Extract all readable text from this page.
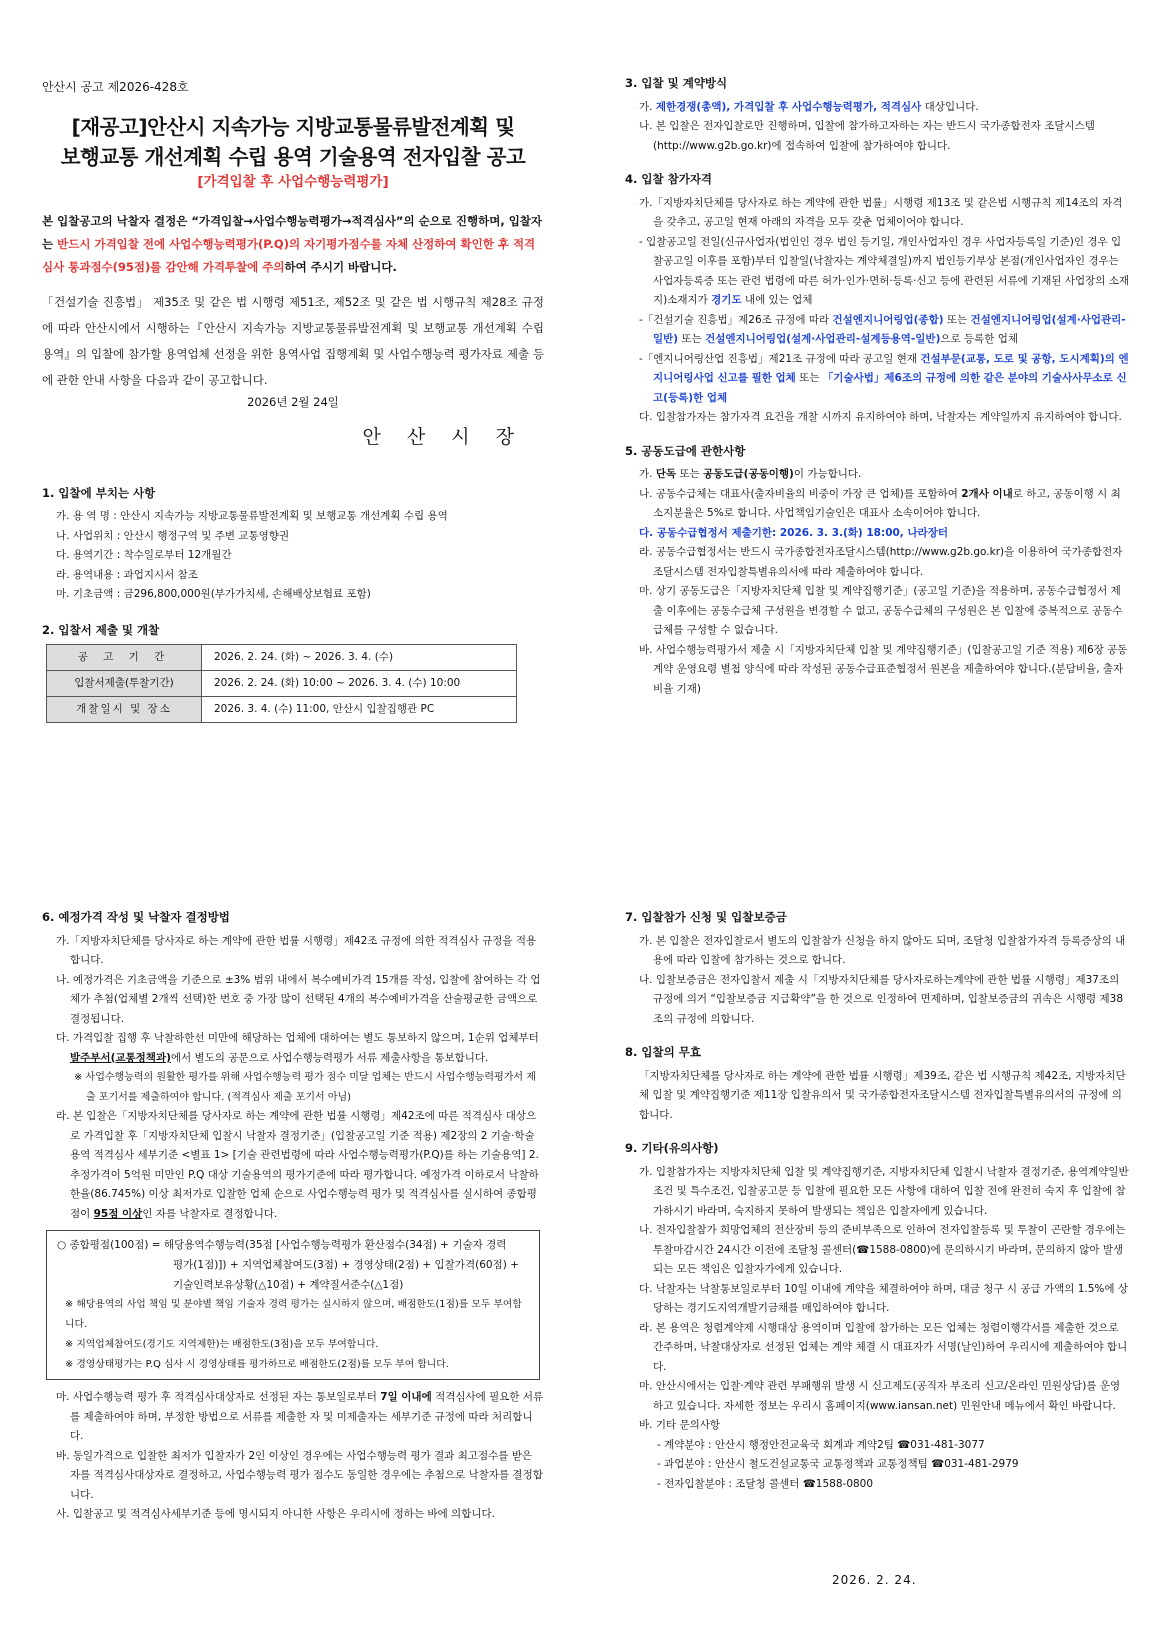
안산시 공고 제2026-428호
[재공고]안산시 지속가능 지방교통물류발전계획 및
보행교통 개선계획 수립 용역 기술용역 전자입찰 공고
[가격입찰 후 사업수행능력평가]
본 입찰공고의 낙찰자 결정은 “가격입찰→사업수행능력평가→적격심사”의 순으로 진행하며, 입찰자는 반드시 가격입찰 전에 사업수행능력평가(P.Q)의 자기평가점수를 자체 산정하여 확인한 후 적격심사 통과점수(95점)를 감안해 가격투찰에 주의하여 주시기 바랍니다.
「건설기술 진흥법」 제35조 및 같은 법 시행령 제51조, 제52조 및 같은 법 시행규칙 제28조 규정에 따라 안산시에서 시행하는『안산시 지속가능 지방교통물류발전계획 및 보행교통 개선계획 수립 용역』의 입찰에 참가할 용역업체 선정을 위한 용역사업 집행계획 및 사업수행능력 평가자료 제출 등에 관한 안내 사항을 다음과 같이 공고합니다.
2026년 2월 24일
안 산 시 장
1. 입찰에 부치는 사항
가. 용 역 명 : 안산시 지속가능 지방교통물류발전계획 및 보행교통 개선계획 수립 용역
나. 사업위치 : 안산시 행정구역 및 주변 교통영향권
다. 용역기간 : 착수일로부터 12개월간
라. 용역내용 : 과업지시서 참조
마. 기초금액 : 금296,800,000원(부가가치세, 손해배상보험료 포함)
2. 입찰서 제출 및 개찰
공 고 기 간	2026. 2. 24. (화) ~ 2026. 3. 4. (수)
입찰서제출(투찰기간)	2026. 2. 24. (화) 10:00 ~ 2026. 3. 4. (수) 10:00
개찰일시 및 장소	2026. 3. 4. (수) 11:00, 안산시 입찰집행관 PC
3. 입찰 및 계약방식
가. 제한경쟁(총액), 가격입찰 후 사업수행능력평가, 적격심사 대상입니다.
나. 본 입찰은 전자입찰로만 진행하며, 입찰에 참가하고자하는 자는 반드시 국가종합전자 조달시스템(http://www.g2b.go.kr)에 접속하여 입찰에 참가하여야 합니다.
4. 입찰 참가자격
가.「지방자치단체를 당사자로 하는 계약에 관한 법률」시행령 제13조 및 같은법 시행규칙 제14조의 자격을 갖추고, 공고일 현재 아래의 자격을 모두 갖춘 업체이어야 합니다.
- 입찰공고일 전일(신규사업자(법인인 경우 법인 등기일, 개인사업자인 경우 사업자등록일 기준)인 경우 입찰공고일 이후를 포함)부터 입찰일(낙찰자는 계약체결일)까지 법인등기부상 본점(개인사업자인 경우는 사업자등록증 또는 관련 법령에 따른 허가·인가·면허·등록·신고 등에 관련된 서류에 기재된 사업장의 소재지)소재지가 경기도 내에 있는 업체
-「건설기술 진흥법」제26조 규정에 따라 건설엔지니어링업(종합) 또는 건설엔지니어링업(설계·사업관리-일반) 또는 건설엔지니어링업(설계·사업관리-설계등용역-일반)으로 등록한 업체
-「엔지니어링산업 진흥법」제21조 규정에 따라 공고일 현재 건설부문(교통, 도로 및 공항, 도시계획)의 엔지니어링사업 신고를 필한 업체 또는 「기술사법」제6조의 규정에 의한 같은 분야의 기술사사무소로 신고(등록)한 업체
다. 입찰참가자는 참가자격 요건을 개찰 시까지 유지하여야 하며, 낙찰자는 계약일까지 유지하여야 합니다.
5. 공동도급에 관한사항
가. 단독 또는 공동도급(공동이행)이 가능합니다.
나. 공동수급체는 대표사(출자비율의 비중이 가장 큰 업체)를 포함하여 2개사 이내로 하고, 공동이행 시 최소지분율은 5%로 합니다. 사업책임기술인은 대표사 소속이어야 합니다.
다. 공동수급협정서 제출기한: 2026. 3. 3.(화) 18:00, 나라장터
라. 공동수급협정서는 반드시 국가종합전자조달시스템(http://www.g2b.go.kr)을 이용하여 국가종합전자조달시스템 전자입찰특별유의서에 따라 제출하여야 합니다.
마. 상기 공동도급은「지방자치단체 입찰 및 계약집행기준」(공고일 기준)을 적용하며, 공동수급협정서 제출 이후에는 공동수급체 구성원을 변경할 수 없고, 공동수급체의 구성원은 본 입찰에 중복적으로 공동수급체를 구성할 수 없습니다.
바. 사업수행능력평가서 제출 시「지방자치단체 입찰 및 계약집행기준」(입찰공고일 기준 적용) 제6장 공동계약 운영요령 별첩 양식에 따라 작성된 공동수급표준협정서 원본을 제출하여야 합니다.(분담비율, 출자비율 기재)
6. 예정가격 작성 및 낙찰자 결정방법
가.「지방자치단체를 당사자로 하는 계약에 관한 법률 시행령」제42조 규정에 의한 적격심사 규정을 적용합니다.
나. 예정가격은 기초금액을 기준으로 ±3% 범위 내에서 복수예비가격 15개를 작성, 입찰에 참여하는 각 업체가 추첨(업체별 2개씩 선택)한 번호 중 가장 많이 선택된 4개의 복수예비가격을 산술평균한 금액으로 결정됩니다.
다. 가격입찰 집행 후 낙찰하한선 미만에 해당하는 업체에 대하여는 별도 통보하지 않으며, 1순위 업체부터 발주부서(교통정책과)에서 별도의 공문으로 사업수행능력평가 서류 제출사항을 통보합니다.
※ 사업수행능력의 원활한 평가를 위해 사업수행능력 평가 점수 미달 업체는 반드시 사업수행능력평가서 제출 포기서를 제출하여야 합니다. (적격심사 제출 포기서 아님)
라. 본 입찰은「지방자치단체를 당사자로 하는 계약에 관한 법률 시행령」제42조에 따른 적격심사 대상으로 가격입찰 후「지방자치단체 입찰시 낙찰자 결정기준」(입찰공고일 기준 적용) 제2장의 2 기술·학술용역 적격심사 세부기준 <별표 1> [기술 관련법령에 따라 사업수행능력평가(P.Q)를 하는 기술용역] 2. 추정가격이 5억원 미만인 P.Q 대상 기술용역의 평가기준에 따라 평가합니다. 예정가격 이하로서 낙찰하한율(86.745%) 이상 최저가로 입찰한 업체 순으로 사업수행능력 평가 및 적격심사를 실시하여 종합평점이 95점 이상인 자를 낙찰자로 결정합니다.
○ 종합평점(100점) = 해당용역수행능력(35점 [사업수행능력평가 환산점수(34점) + 기술자 경력
평가(1점)]) + 지역업체참여도(3점) + 경영상태(2점) + 입찰가격(60점) +
기술인력보유상황(△10점) + 계약질서준수(△1점)
※ 해당용역의 사업 책임 및 분야별 책임 기술자 경력 평가는 실시하지 않으며, 배점한도(1점)를 모두 부여합니다.
※ 지역업체참여도(경기도 지역제한)는 배점한도(3점)을 모두 부여합니다.
※ 경영상태평가는 P.Q 심사 시 경영상태를 평가하므로 배점한도(2점)를 모두 부여 합니다.
마. 사업수행능력 평가 후 적격심사대상자로 선정된 자는 통보일로부터 7일 이내에 적격심사에 필요한 서류를 제출하여야 하며, 부정한 방법으로 서류를 제출한 자 및 미제출자는 세부기준 규정에 따라 처리합니다.
바. 동일가격으로 입찰한 최저가 입찰자가 2인 이상인 경우에는 사업수행능력 평가 결과 최고점수를 받은 자를 적격심사대상자로 결정하고, 사업수행능력 평가 점수도 동일한 경우에는 추첨으로 낙찰자를 결정합니다.
사. 입찰공고 및 적격심사세부기준 등에 명시되지 아니한 사항은 우리시에 정하는 바에 의합니다.
7. 입찰참가 신청 및 입찰보증금
가. 본 입찰은 전자입찰로서 별도의 입찰참가 신청을 하지 않아도 되며, 조달청 입찰참가자격 등록증상의 내용에 따라 입찰에 참가하는 것으로 합니다.
나. 입찰보증금은 전자입찰서 제출 시「지방자치단체를 당사자로하는계약에 관한 법률 시행령」제37조의 규정에 의거 “입찰보증금 지급확약”을 한 것으로 인정하여 면제하며, 입찰보증금의 귀속은 시행령 제38조의 규정에 의합니다.
8. 입찰의 무효
「지방자치단체를 당사자로 하는 계약에 관한 법률 시행령」제39조, 같은 법 시행규칙 제42조, 지방자치단체 입찰 및 계약집행기준 제11장 입찰유의서 및 국가종합전자조달시스템 전자입찰특별유의서의 규정에 의합니다.
9. 기타(유의사항)
가. 입찰참가자는 지방자치단체 입찰 및 계약집행기준, 지방자치단체 입찰시 낙찰자 결정기준, 용역계약일반조건 및 특수조건, 입찰공고문 등 입찰에 필요한 모든 사항에 대하여 입찰 전에 완전히 숙지 후 입찰에 참가하시기 바라며, 숙지하지 못하여 발생되는 책임은 입찰자에게 있습니다.
나. 전자입찰참가 희망업체의 전산장비 등의 준비부족으로 인하여 전자입찰등록 및 투찰이 곤란할 경우에는 투찰마감시간 24시간 이전에 조달청 콜센터(☎1588-0800)에 문의하시기 바라며, 문의하지 않아 발생되는 모든 책임은 입찰자가에게 있습니다.
다. 낙찰자는 낙찰통보일로부터 10일 이내에 계약을 체결하여야 하며, 대금 청구 시 공급 가액의 1.5%에 상당하는 경기도지역개발기금채를 매입하여야 합니다.
라. 본 용역은 청렴계약제 시행대상 용역이며 입찰에 참가하는 모든 업체는 청렴이행각서를 제출한 것으로 간주하며, 낙찰대상자로 선정된 업체는 계약 체결 시 대표자가 서명(날인)하여 우리시에 제출하여야 합니다.
마. 안산시에서는 입찰·계약 관련 부패행위 발생 시 신고제도(공직자 부조리 신고/온라인 민원상담)를 운영하고 있습니다. 자세한 정보는 우리시 홈페이지(www.iansan.net) 민원안내 메뉴에서 확인 바랍니다.
바. 기타 문의사항
- 계약분야 : 안산시 행정안전교육국 회계과 계약2팀 ☎031-481-3077
- 과업분야 : 안산시 철도건설교통국 교통정책과 교통정책팀 ☎031-481-2979
- 전자입찰분야 : 조달청 콜센터 ☎1588-0800
2026. 2. 24.
